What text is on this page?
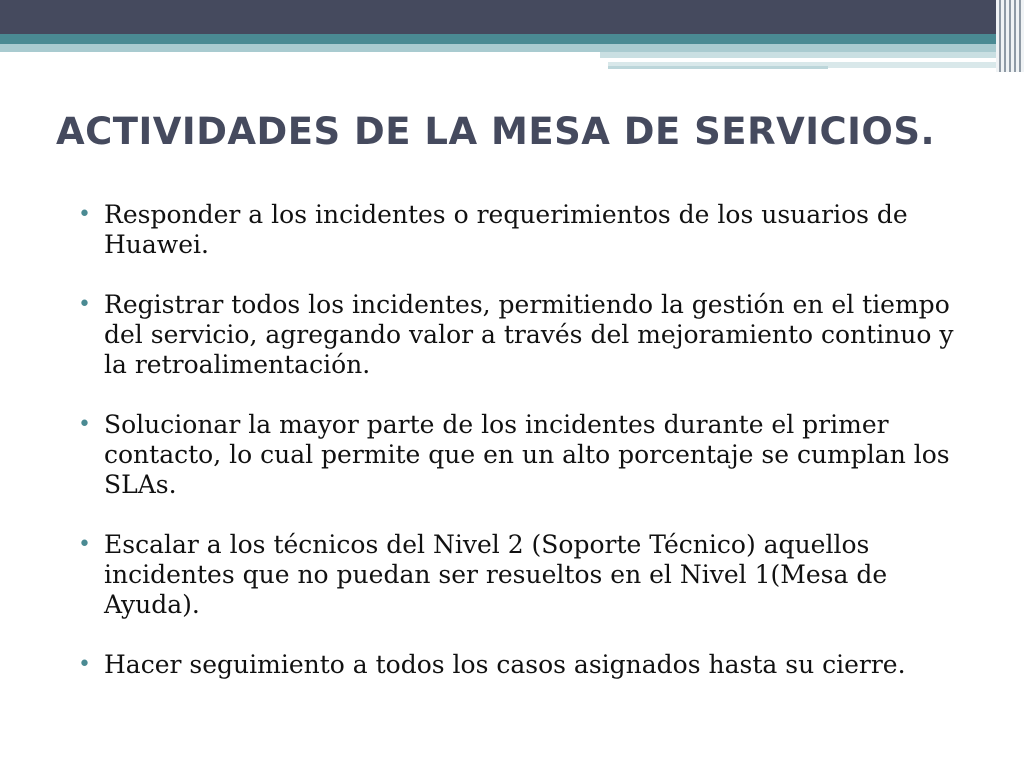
ACTIVIDADES DE LA MESA DE SERVICIOS.
• Responder a los incidentes o requerimientos de los usuarios de Huawei.
• Registrar todos los incidentes, permitiendo la gestión en el tiempo del servicio, agregando valor a través del mejoramiento continuo y la retroalimentación.
• Solucionar la mayor parte de los incidentes durante el primer contacto, lo cual permite que en un alto porcentaje se cumplan los SLAs.
• Escalar a los técnicos del Nivel 2 (Soporte Técnico) aquellos incidentes que no puedan ser resueltos en el Nivel 1(Mesa de Ayuda).
• Hacer seguimiento a todos los casos asignados hasta su cierre.
